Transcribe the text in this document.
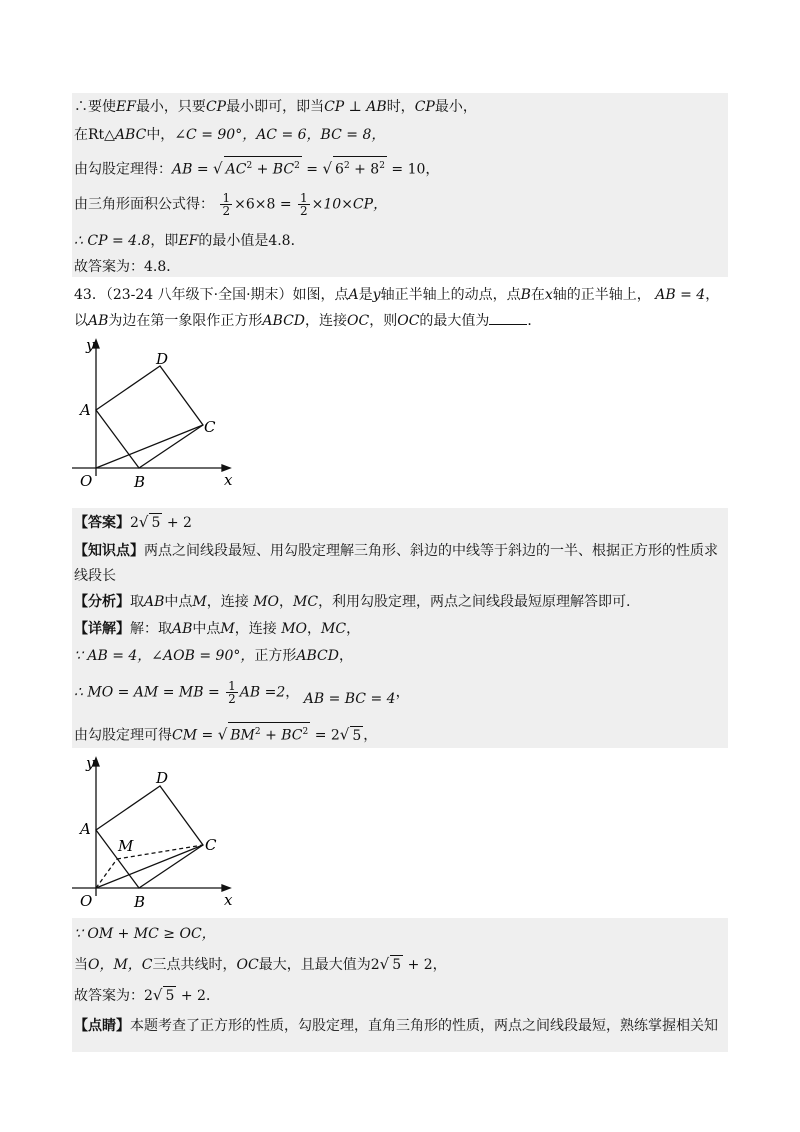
∴要使EF最小，只要CP最小即可，即当CP ⊥ AB时，CP最小，
在Rt△ABC中，∠C = 90°，AC = 6，BC = 8，
由勾股定理得：AB = √ $AC^2 + BC^2$ = √ $6^2 + 8^2 = 10$，
由三角形面积公式得： $\frac{1}{2} \times 6\times 8 = \frac{1}{2} \times 10\times CP$，
∴ CP = 4.8，即EF的最小值是4.8．
故答案为：4.8．
43．（23-24 八年级下·全国·期末）如图，点A是y轴正半轴上的动点，点B在x轴的正半轴上， AB = 4，
以AB为边在第一象限作正方形ABCD，连接OC，则OC的最大值为	．
y
D
A
C
O	B	x
【答案】2√ 5 + 2
【知识点】两点之间线段最短、用勾股定理解三角形、斜边的中线等于斜边的一半、根据正方形的性质求
线段长
【分析】取AB中点M，连接 MO，MC，利用勾股定理，两点之间线段最短原理解答即可.
【详解】解：取AB中点M，连接 MO，MC，
∵ AB = 4，∠AOB = 90°，正方形ABCD，
∴ MO = AM = MB = $\frac{1}{2}$ AB =2， AB = BC = 4，
由勾股定理可得CM = √ $BM^2 + BC^2 = 2√$ 5 ，
y
D
A
M	C
O	B	x
∵ OM + MC ≥ OC，
当O，M，C三点共线时，OC最大，且最大值为2√ 5 + 2，
故答案为：2√ 5 + 2．
【点睛】本题考查了正方形的性质，勾股定理，直角三角形的性质，两点之间线段最短，熟练掌握相关知
